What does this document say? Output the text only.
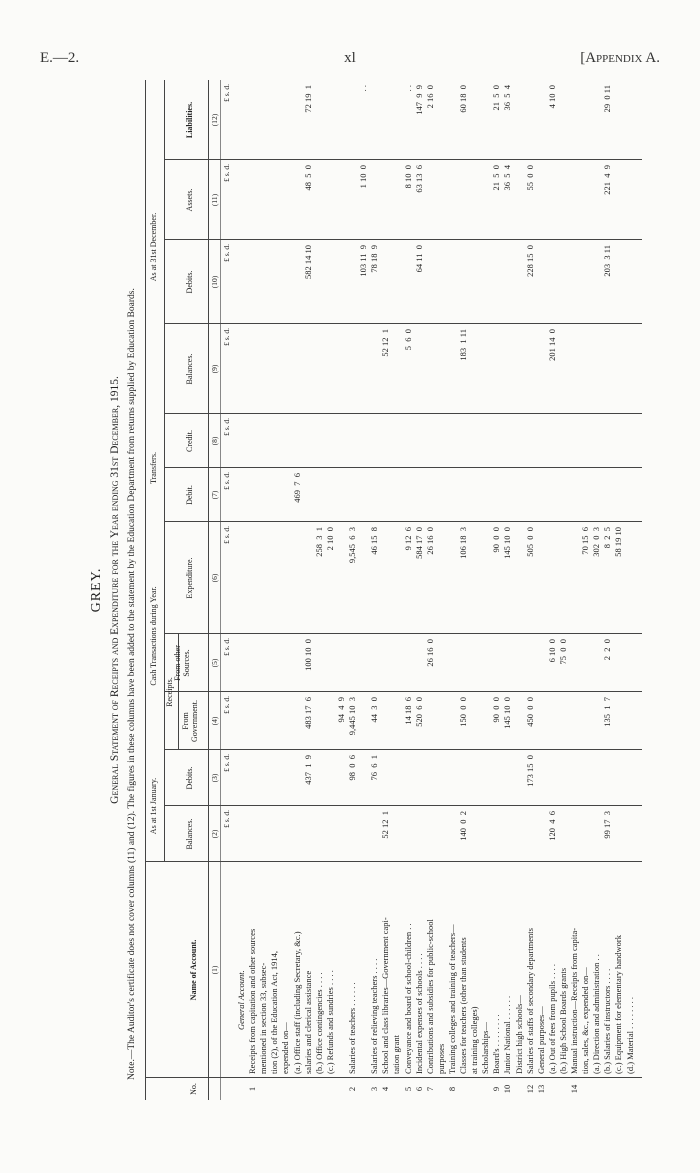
E.—2.	xl	[Appendix A.
GREY. General Statement of Receipts and Expenditure for the Year ending 31st December, 1915. Note.—The Auditor's certificate does not cover columns (11) and (12). The figures in these columns have been added to the statement by the Education Department from returns supplied by Education Boards.
No.
Name of Account.
As at 1st January.
Cash Transactions during Year.
Receipts.
Transfers.
As at 31st December.
Balances.
Debits.
From Government.
From other Sources.
Expenditure.
Debit.
Credit.
Balances.
Debits.
Assets.
Liabilities.
(1)
(2)
(3)
(4)
(5)
(6)
(7)
(8)
(9)
(10)
(11)
(12)
£ s. d.
£ s. d.
£ s. d.
£ s. d.
£ s. d.
£ s. d.
£ s. d.
£ s. d.
£ s. d.
£ s. d.
£ s. d.
General Account.
1
Receipts from capitation and other sources mentioned in section 33, subsec- tion (2), of the Education Act, 1914, expended on— (a.) Office staff (including Secretary, &c.)
469  7  6
salaries and clerical assistance
437  1  9
483 17  6
100 10  0
582 14 10
48  5  0
72 19  1
(b.) Office contingencies . . . .
258  3  1
(c.) Refunds and sundries . . . .
2 10  0
94  4  9
2
Salaries of teachers . . . . . .
98  0  6
9,445 10  3
9,545  6  3
103 11  9
1 10  0
. .
3
Salaries of relieving teachers . . . .
76  6  1
44  3  0
46 15  8
78 18  9
4
School and class libraries—Government capi-
52 12  1
52 12  1
tation grant
5
Conveyance and board of school-children . .
14 18  6
9 12  6
5  6  0
8 10  0
. .
6
Incidental expenses of schools . . . .
520  6  0
584 17  0
64 11  0
63 13  6
147  9  9
7
Contributions and subsidies for public-school
26 16  0
26 16  0
2 16  0
purposes
8
Training colleges and training of teachers— Classes for teachers (other than students
140  0  2
150  0  0
106 18  3
183  1 11
60 18  0
at training colleges) Scholarships—
9
Board's . . . . . . . .
90  0  0
90  0  0
21  5  0
21  5  0
10
Junior National . . . . . .
145 10  0
145 10  0
36  5  4
36  5  4
District high schools—
12
Salaries of staffs of secondary departments
173 15  0
450  0  0
505  0  0
228 15  0
55  0  0
13
General purposes— (a.) Out of fees from pupils . . . .
120  4  6
6 10  0
201 14  0
4 10  0
(b.) High School Boards grants
75  0  0
14
Manual instruction—Receipts from capita- tion, sales, &c., expended on—
70 15  6
(a.) Direction and administration . .
302  0  3
(b.) Salaries of instructors . . . .
99 17  3
135  1  7
2  2  0
8  2  5
203  3 11
221  4  9
29  0 11
(c.) Equipment for elementary handwork
58 19 10
(d.) Material . . . . . . . .
